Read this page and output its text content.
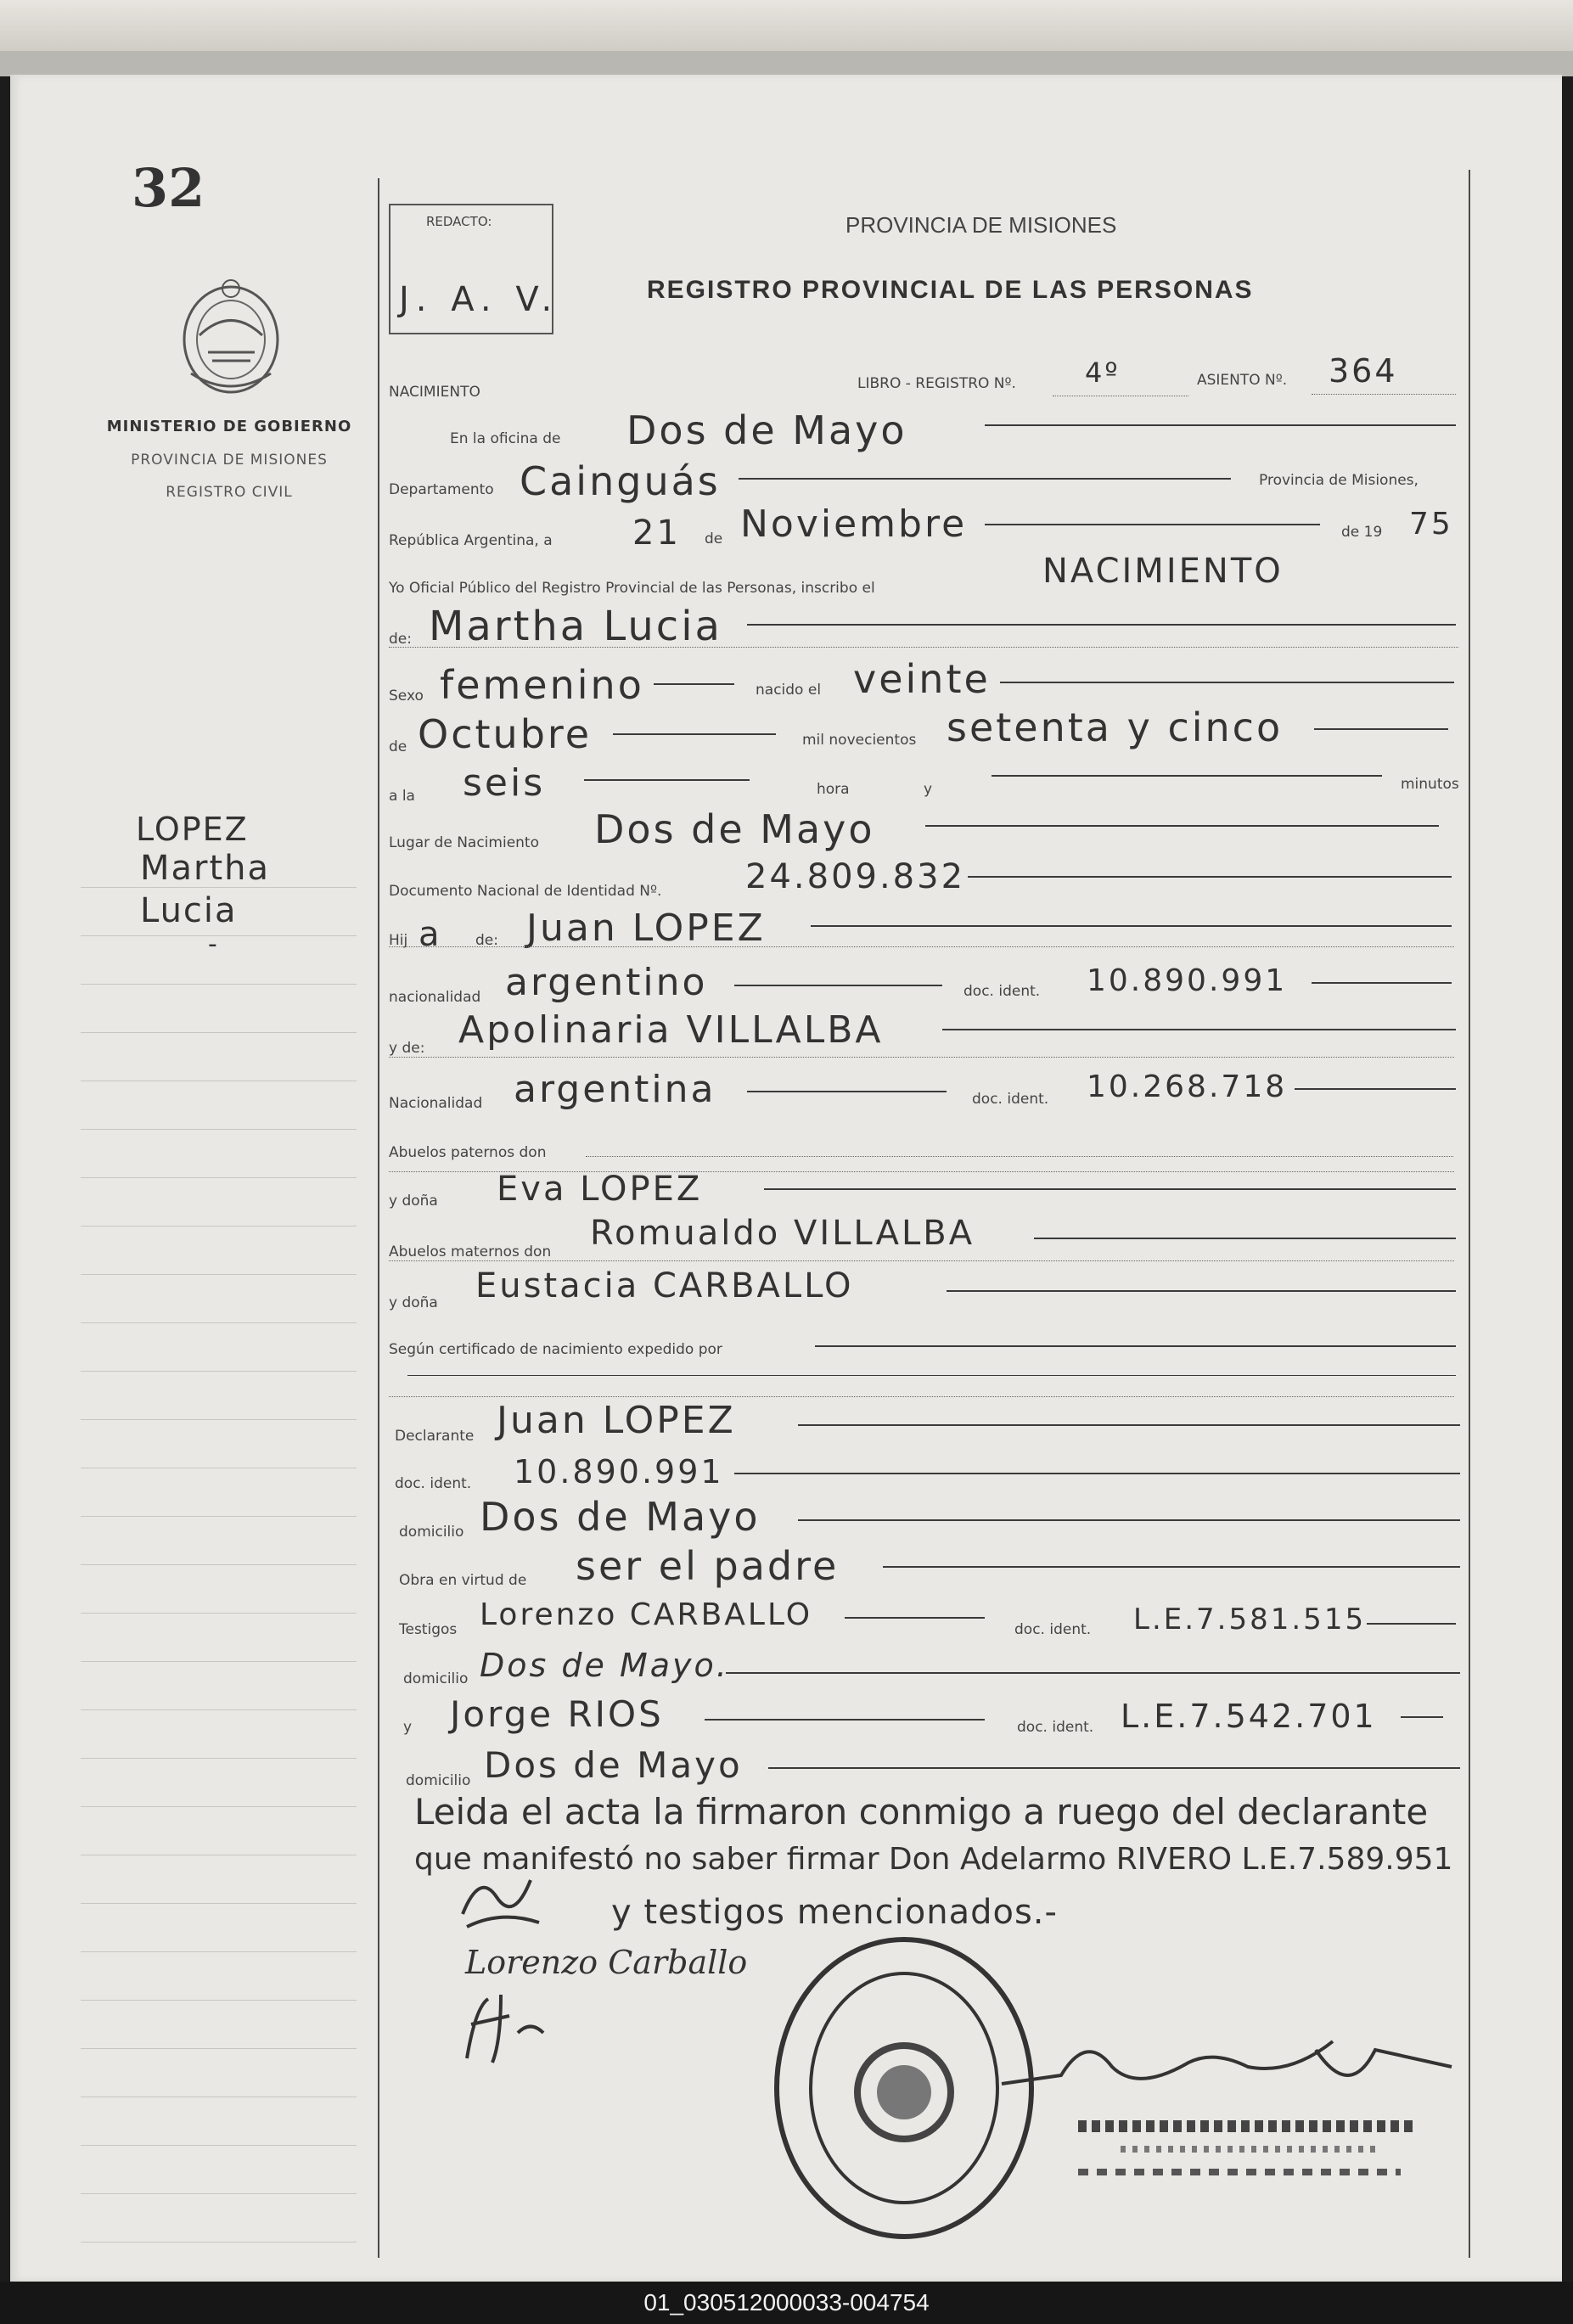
32
MINISTERIO DE GOBIERNO
PROVINCIA DE MISIONES
REGISTRO CIVIL
LOPEZ
Martha
Lucia
-
REDACTO:
J. A. V.
PROVINCIA DE MISIONES
REGISTRO PROVINCIAL DE LAS PERSONAS
NACIMIENTO	LIBRO - REGISTRO Nº.	4º	ASIENTO Nº. 364
En la oficina de Dos de Mayo
Departamento Cainguás	Provincia de Misiones,
República Argentina, a 21 de Noviembre	de 19 75
Yo Oficial Público del Registro Provincial de las Personas, inscribo el	NACIMIENTO
de: Martha Lucia
Sexo femenino	nacido el veinte
de Octubre	mil novecientos setenta y cinco
a la seis	hora	y	minutos
Lugar de Nacimiento Dos de Mayo
Documento Nacional de Identidad Nº. 24.809.832
Hij a de: Juan LOPEZ
nacionalidad argentino	doc. ident. 10.890.991
y de: Apolinaria VILLALBA
Nacionalidad argentina	doc. ident. 10.268.718
Abuelos paternos don
y doña Eva LOPEZ
Abuelos maternos don Romualdo VILLALBA
y doña Eustacia CARBALLO
Según certificado de nacimiento expedido por
Declarante Juan LOPEZ
doc. ident. 10.890.991
domicilio Dos de Mayo
Obra en virtud de ser el padre
Testigos Lorenzo CARBALLO	doc. ident. L.E.7.581.515
domicilio Dos de Mayo.
y Jorge RIOS	doc. ident. L.E.7.542.701
domicilio Dos de Mayo
Leida el acta la firmaron conmigo a ruego del declarante
que manifestó no saber firmar Don Adelarmo RIVERO L.E.7.589.951
y testigos mencionados.-
Lorenzo Carballo
01_030512000033-004754
